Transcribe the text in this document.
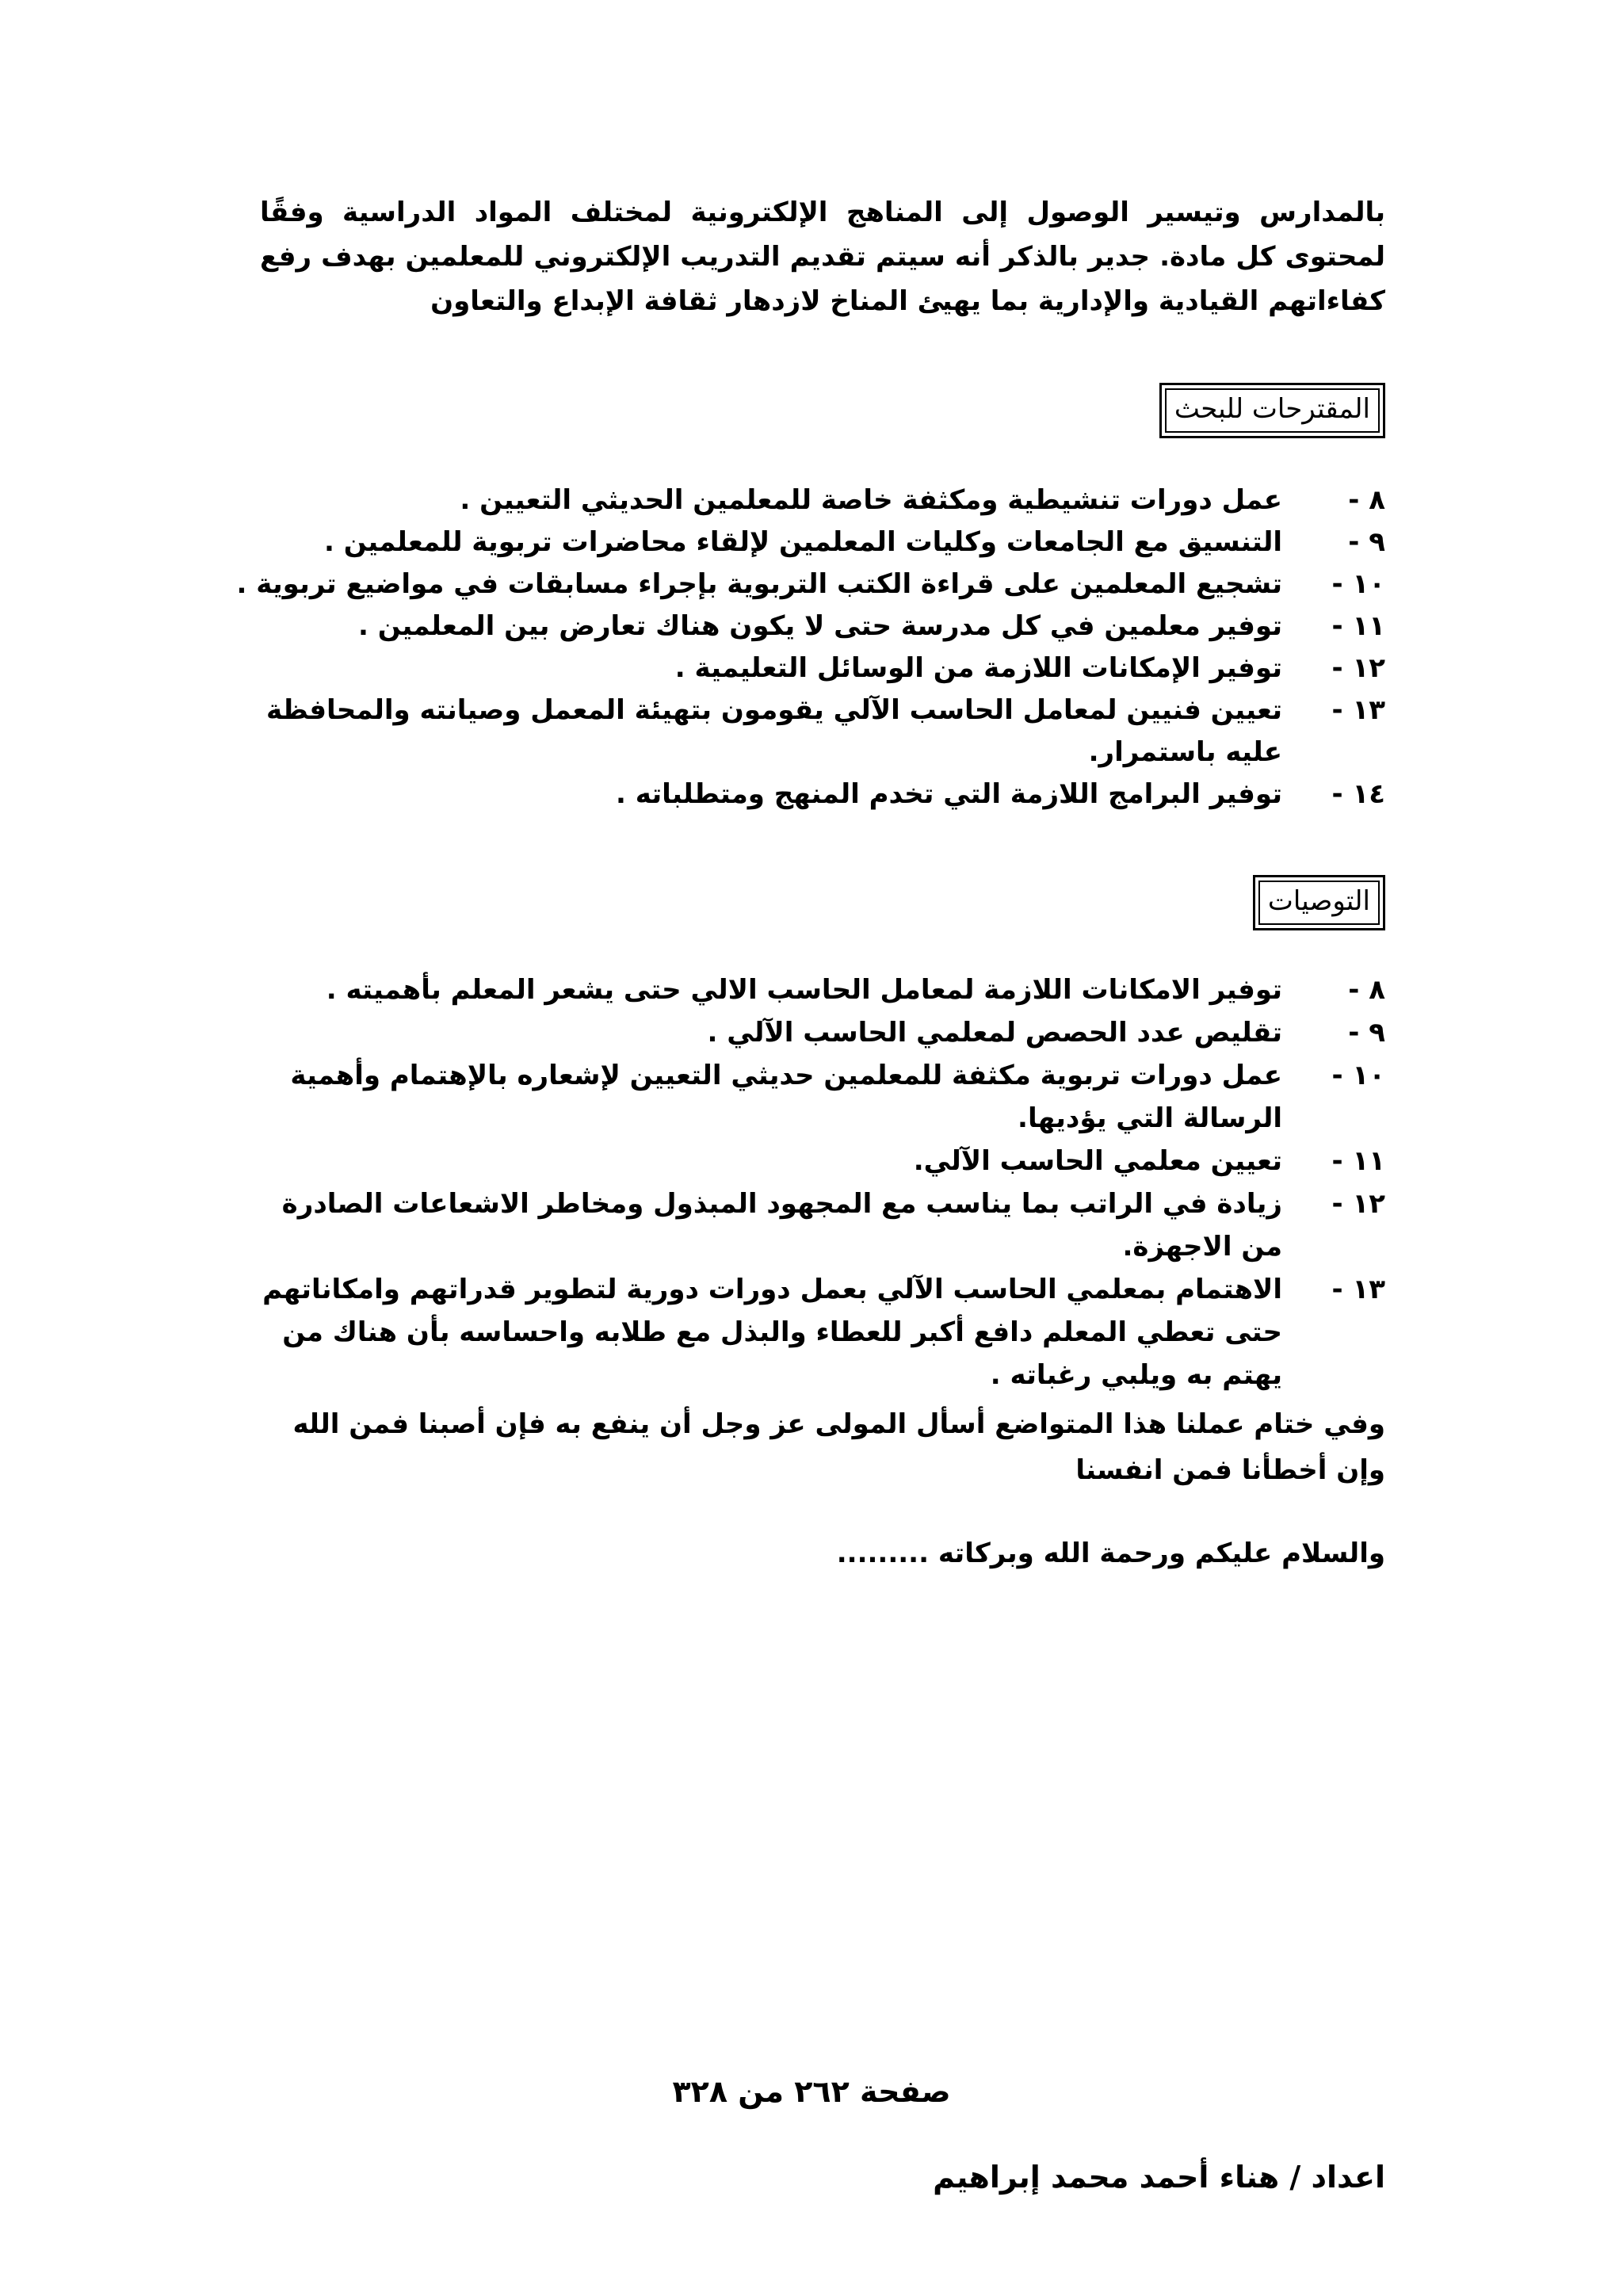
بالمدارس وتيسير الوصول إلى المناهج الإلكترونية لمختلف المواد الدراسية وفقًا لمحتوى كل مادة. جدير بالذكر أنه سيتم تقديم التدريب الإلكتروني للمعلمين بهدف رفع كفاءاتهم القيادية والإدارية بما يهيئ المناخ لازدهار ثقافة الإبداع والتعاون

المقترحات للبحث
٨ -
عمل دورات تنشيطية ومكثفة خاصة للمعلمين الحديثي التعيين .
٩ -
التنسيق مع الجامعات وكليات المعلمين لإلقاء محاضرات تربوية للمعلمين .
١٠ -
تشجيع المعلمين على قراءة الكتب التربوية بإجراء مسابقات في مواضيع تربوية .
١١ -
توفير معلمين في كل مدرسة حتى لا يكون هناك تعارض بين المعلمين .
١٢ -
توفير الإمكانات اللازمة من الوسائل التعليمية .
١٣ -
تعيين فنيين لمعامل الحاسب الآلي يقومون بتهيئة المعمل وصيانته والمحافظة عليه باستمرار.
١٤ -
توفير البرامج اللازمة التي تخدم المنهج ومتطلباته .
التوصيات
٨ -
توفير الامكانات اللازمة لمعامل الحاسب الالي حتى يشعر المعلم بأهميته .
٩ -
تقليص عدد الحصص لمعلمي الحاسب الآلي .
١٠ -
عمل دورات تربوية مكثفة للمعلمين حديثي التعيين لإشعاره بالإهتمام وأهمية الرسالة التي يؤديها.
١١ -
تعيين معلمي الحاسب الآلي.
١٢ -
زيادة في الراتب بما يناسب مع المجهود المبذول ومخاطر الاشعاعات الصادرة من الاجهزة.
١٣ -
الاهتمام بمعلمي الحاسب الآلي بعمل دورات دورية لتطوير قدراتهم وامكاناتهم حتى تعطي المعلم دافع أكبر للعطاء والبذل مع طلابه واحساسه بأن هناك من يهتم به ويلبي رغباته .

وفي ختام عملنا هذا المتواضع أسأل المولى عز وجل أن ينفع به فإن أصبنا فمن الله وإن أخطأنا فمن انفسنا

والسلام عليكم ورحمة الله وبركاته .........

صفحة ٢٦٢ من ٣٢٨

اعداد / هناء أحمد محمد إبراهيم
